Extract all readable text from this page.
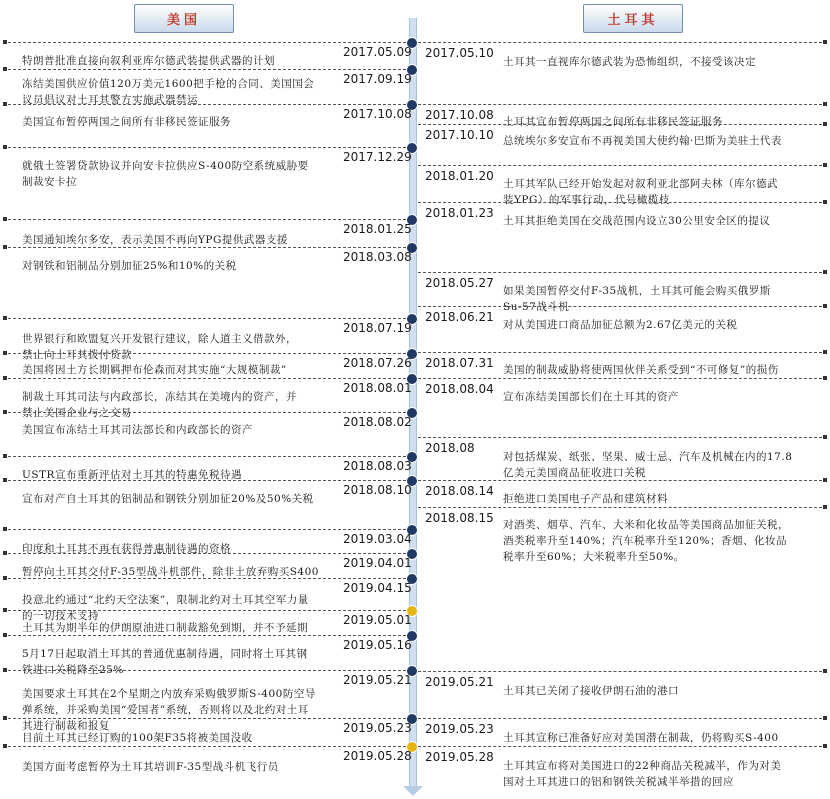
美国	土耳其
特朗普批准直接向叙利亚库尔德武装提供武器的计划
2017.05.09
冻结美国供应价值120万美元1600把手枪的合同、美国国会
议员倡议对土耳其警方实施武器禁运
2017.09.19
美国宣布暂停两国之间所有非移民签证服务
2017.10.08
就俄土签署贷款协议并向安卡拉供应S-400防空系统威胁要
制裁安卡拉
2017.12.29
美国通知埃尔多安，表示美国不再向YPG提供武器支援
2018.01.25
对钢铁和铝制品分别加征25%和10%的关税
2018.03.08
世界银行和欧盟复兴开发银行建议，除人道主义借款外，
禁止向土耳其拨付贷款
2018.07.19
美国将因土方长期羁押布伦森而对其实施“大规模制裁”	2018.07.26
制裁土耳其司法与内政部长，冻结其在美境内的资产，并
禁止美国企业与之交易
2018.08.01
美国宣布冻结土耳其司法部长和内政部长的资产
2018.08.02
USTR宣布重新评估对土耳其的特惠免税待遇
2018.08.03
宣布对产自土耳其的铝制品和钢铁分别加征20%及50%关税
2018.08.10
印度和土耳其不再有获得普惠制待遇的资格
2019.03.04
暂停向土耳其交付F-35型战斗机部件，除非土放弃购买S400
2019.04.01
投意北约通过“北约天空法案”，限制北约对土耳其空军力量
的一切技术支持
2019.04.15
土耳其为期半年的伊朗原油进口制裁豁免到期，并不予延期
2019.05.01
5月17日起取消土耳其的普通优惠制待遇，同时将土耳其钢
铁进口关税降至25%
2019.05.16
美国要求土耳其在2个星期之内放弃采购俄罗斯S-400防空导
弹系统，并采购美国“爱国者”系统，否则将以及北约对土耳
其进行制裁和报复
2019.05.21
目前土耳其已经订购的100架F35将被美国没收
2019.05.23
美国方面考虑暂停为土耳其培训F-35型战斗机飞行员
2019.05.28
2017.05.10
土耳其一直视库尔德武装为恐怖组织，不接受该决定
2017.10.08 土耳其宣布暂停两国之间所有非移民签证服务
2017.10.10 总统埃尔多安宣布不再视美国大使约翰·巴斯为美驻土代表
2018.01.20
土耳其军队已经开始发起对叙利亚北部阿夫林（库尔德武
装YPG）的军事行动，代号橄榄枝
2018.01.23
土耳其拒绝美国在交战范围内设立30公里安全区的提议
2018.05.27
如果美国暂停交付F-35战机，土耳其可能会购买俄罗斯
Su-57战斗机
2018.06.21
对从美国进口商品加征总额为2.67亿美元的关税
2018.07.31 美国的制裁威胁将使两国伙伴关系受到“不可修复”的损伤
2018.08.04
宣布冻结美国部长们在土耳其的资产
2018.08
对包括煤炭、纸张、坚果、威士忌、汽车及机械在内的17.8
亿美元美国商品征收进口关税
2018.08.14
拒绝进口美国电子产品和建筑材料
2018.08.15 对酒类、烟草、汽车、大米和化妆品等美国商品加征关税，
酒类税率升至140%；汽车税率升至120%；香烟、化妆品
税率升至60%；大米税率升至50%。
2019.05.21
土耳其已关闭了接收伊朗石油的港口
2019.05.23
土耳其宣称已准备好应对美国潜在制裁，仍将购买S-400
2019.05.28
土耳其宣布将对美国进口的22种商品关税减半，作为对美
国对土耳其进口的铝和钢铁关税减半举措的回应
